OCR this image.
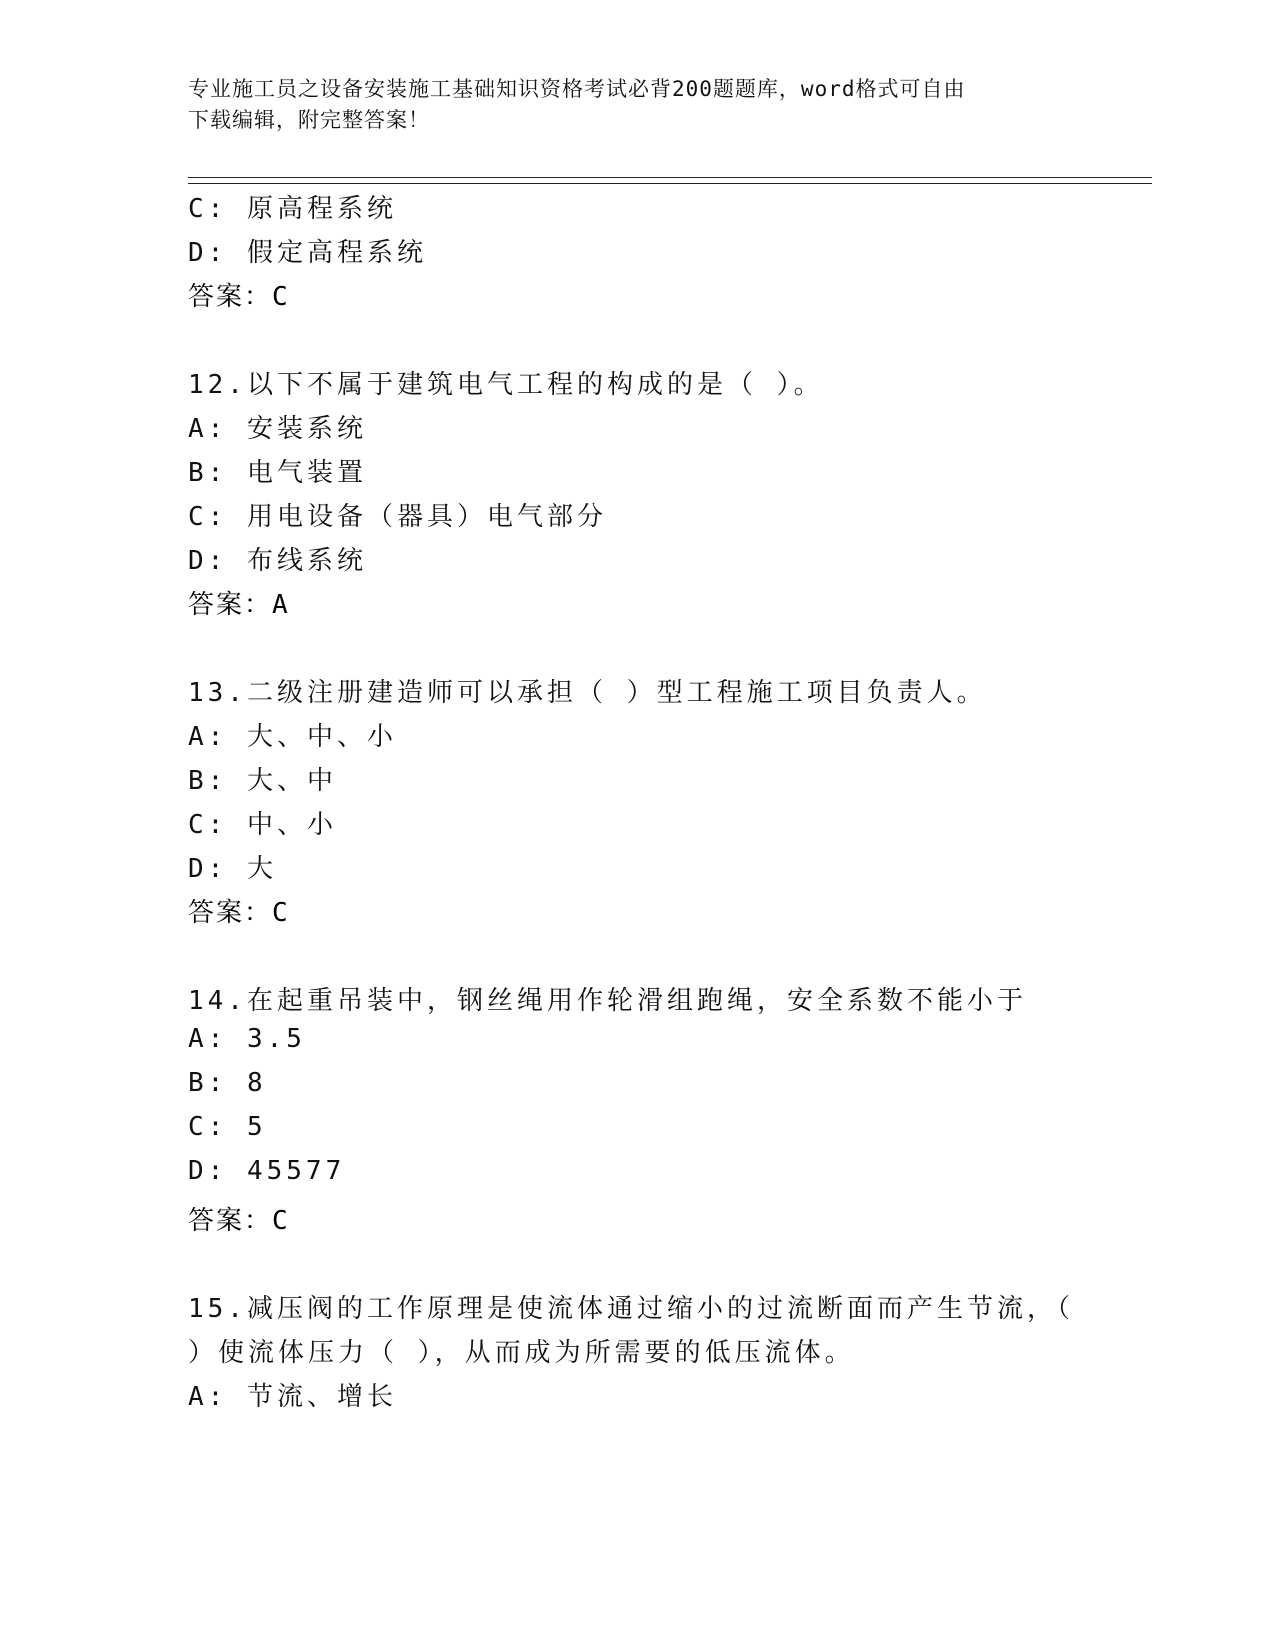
专业施工员之设备安装施工基础知识资格考试必背200题题库，word格式可自由
下载编辑，附完整答案！
C: 原高程系统
D: 假定高程系统
答案：C
12.以下不属于建筑电气工程的构成的是（ ）。
A: 安装系统
B: 电气装置
C: 用电设备（器具）电气部分
D: 布线系统
答案：A
13.二级注册建造师可以承担（ ）型工程施工项目负责人。
A: 大、中、小
B: 大、中
C: 中、小
D: 大
答案：C
14.在起重吊装中，钢丝绳用作轮滑组跑绳，安全系数不能小于
A: 3.5
B: 8
C: 5
D: 45577
答案：C
15.减压阀的工作原理是使流体通过缩小的过流断面而产生节流，（
）使流体压力（ ），从而成为所需要的低压流体。
A: 节流、增长
